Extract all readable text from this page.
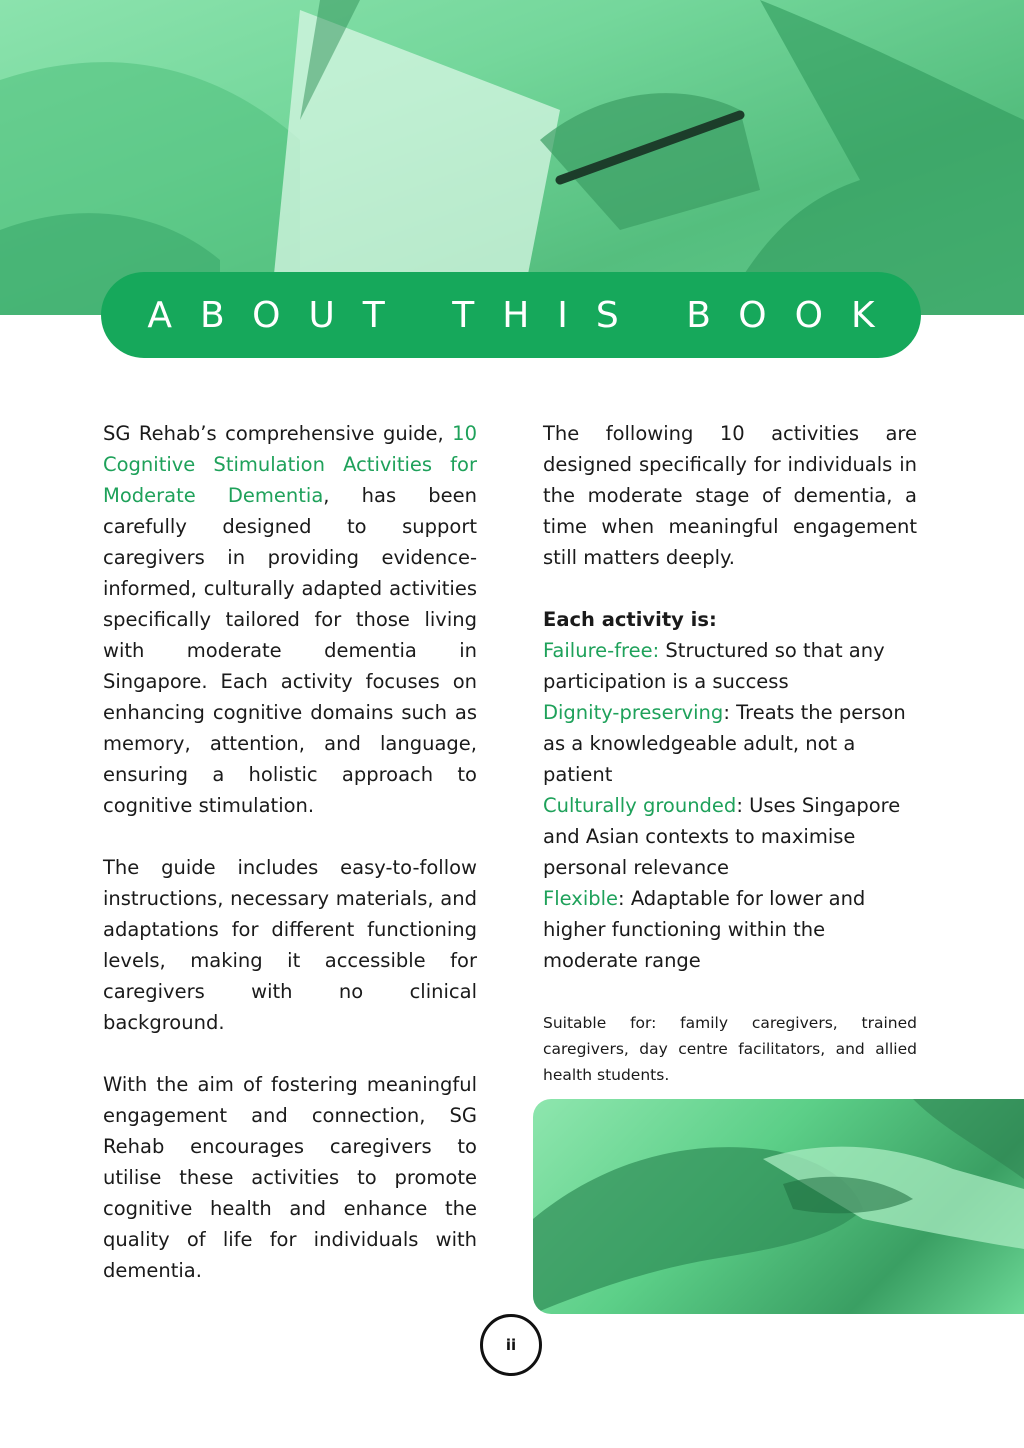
ABOUT THIS BOOK

SG Rehab’s comprehensive guide, 10 Cognitive Stimulation Activities for Moderate Dementia, has been carefully designed to support caregivers in providing evidence-informed, culturally adapted activities specifically tailored for those living with moderate dementia in Singapore. Each activity focuses on enhancing cognitive domains such as memory, attention, and language, ensuring a holistic approach to cognitive stimulation.

The guide includes easy-to-follow instructions, necessary materials, and adaptations for different functioning levels, making it accessible for caregivers with no clinical background.

With the aim of fostering meaningful engagement and connection, SG Rehab encourages caregivers to utilise these activities to promote cognitive health and enhance the quality of life for individuals with dementia.

The following 10 activities are designed specifically for individuals in the moderate stage of dementia, a time when meaningful engagement still matters deeply.

Each activity is:

Failure-free: Structured so that any participation is a success

Dignity-preserving: Treats the person as a knowledgeable adult, not a patient

Culturally grounded: Uses Singapore and Asian contexts to maximise personal relevance

Flexible: Adaptable for lower and higher functioning within the moderate range

Suitable for: family caregivers, trained caregivers, day centre facilitators, and allied health students.

ii
